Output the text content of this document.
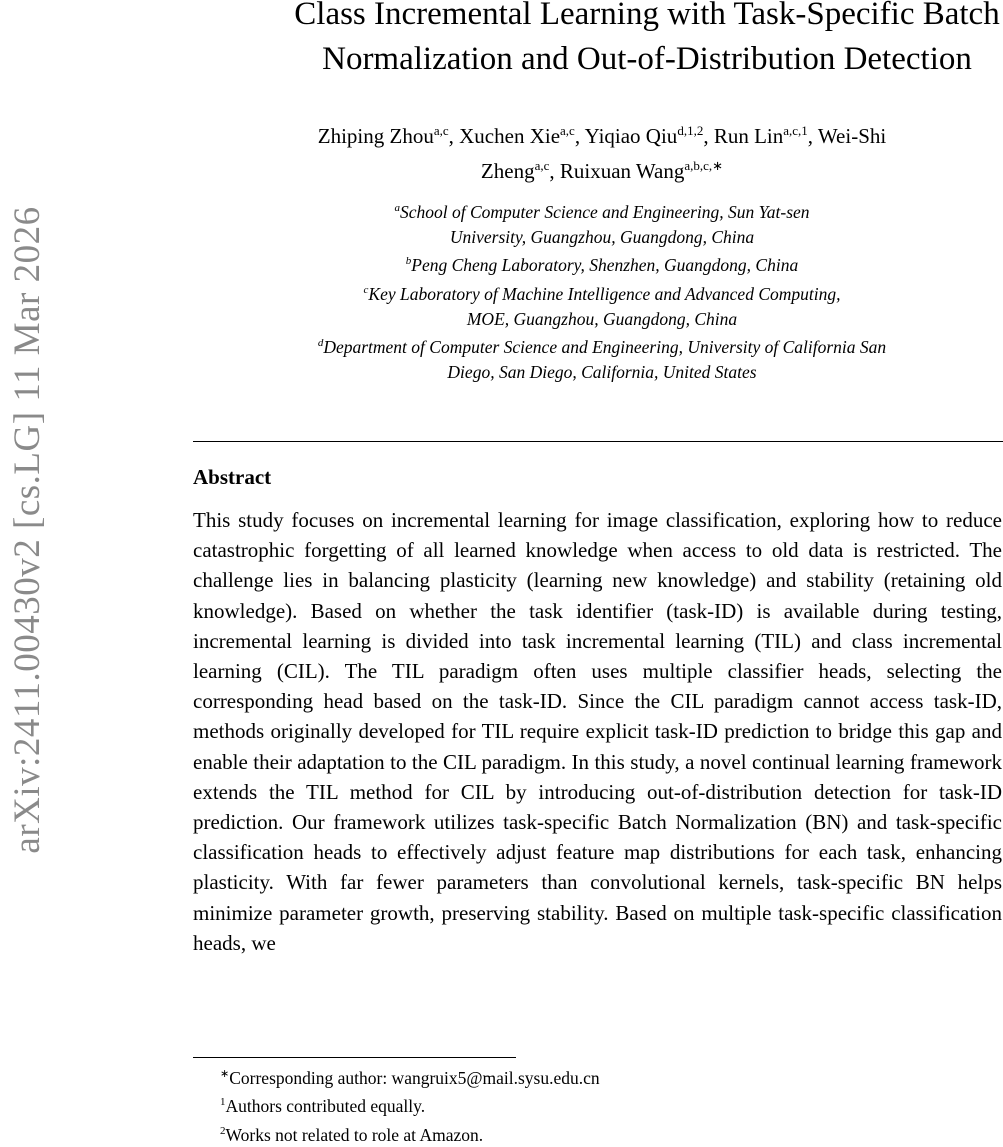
arXiv:2411.00430v2 [cs.LG] 11 Mar 2026
Class Incremental Learning with Task-Specific Batch
Normalization and Out-of-Distribution Detection
Zhiping Zhou$^{a,c}$, Xuchen Xie$^{a,c}$, Yiqiao Qiu$^{d,1,2}$, Run Lin$^{a,c,1}$, Wei-Shi
Zheng$^{a,c}$, Ruixuan Wang$^{a,b,c,∗}$
$^a$School of Computer Science and Engineering, Sun Yat-sen
University, Guangzhou, Guangdong, China
$^b$Peng Cheng Laboratory, Shenzhen, Guangdong, China
$^c$Key Laboratory of Machine Intelligence and Advanced Computing,
MOE, Guangzhou, Guangdong, China
$^d$Department of Computer Science and Engineering, University of California San
Diego, San Diego, California, United States
Abstract
This study focuses on incremental learning for image classification, exploring how to reduce catastrophic forgetting of all learned knowledge when access to old data is restricted. The challenge lies in balancing plasticity (learning new knowledge) and stability (retaining old knowledge). Based on whether the task identifier (task-ID) is available during testing, incremental learning is divided into task incremental learning (TIL) and class incremental learning (CIL). The TIL paradigm often uses multiple classifier heads, selecting the corresponding head based on the task-ID. Since the CIL paradigm cannot access task-ID, methods originally developed for TIL require explicit task-ID prediction to bridge this gap and enable their adaptation to the CIL paradigm. In this study, a novel continual learning framework extends the TIL method for CIL by introducing out-of-distribution detection for task-ID prediction. Our framework utilizes task-specific Batch Normalization (BN) and task-specific classification heads to effectively adjust feature map distributions for each task, enhancing plasticity. With far fewer parameters than convolutional kernels, task-specific BN helps minimize parameter growth, preserving stability. Based on multiple task-specific classification heads, we
∗Corresponding author: wangruix5@mail.sysu.edu.cn
$^1$Authors contributed equally.
$^2$Works not related to role at Amazon.
